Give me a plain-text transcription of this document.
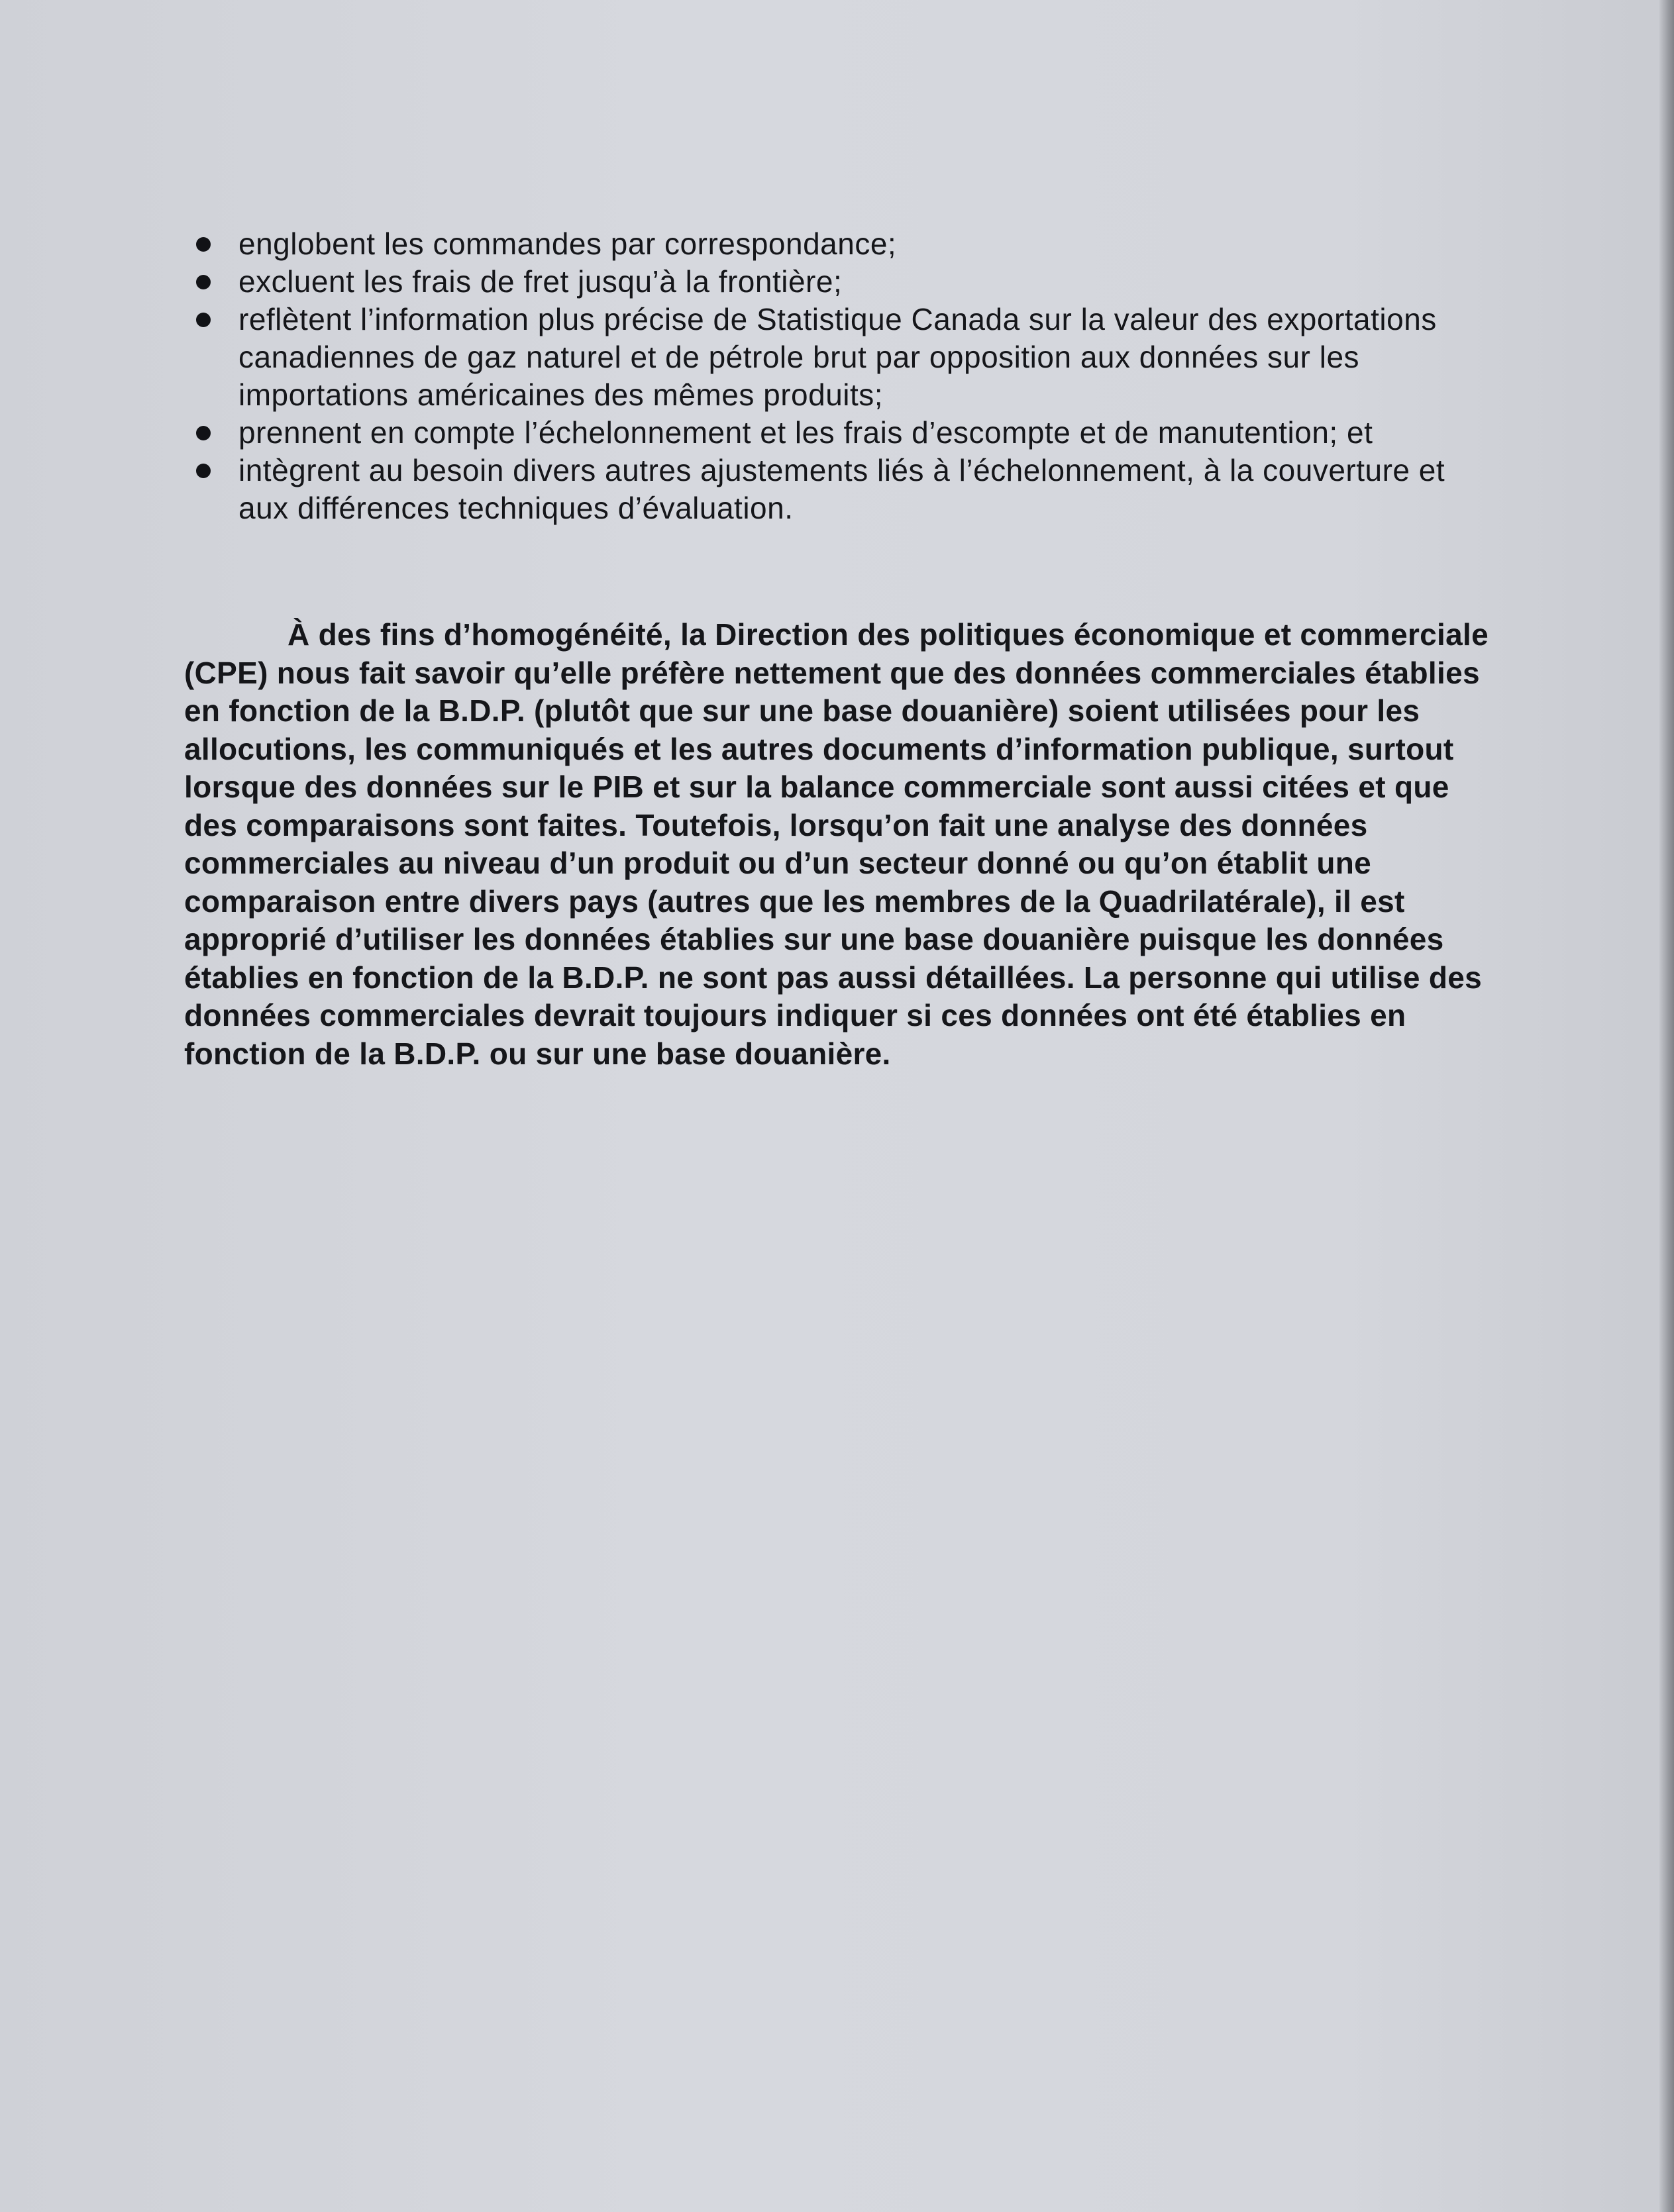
englobent les commandes par correspondance;
excluent les frais de fret jusqu’à la frontière;
reflètent l’information plus précise de Statistique Canada sur la valeur des exportations canadiennes de gaz naturel et de pétrole brut par opposition aux données sur les importations américaines des mêmes produits;
prennent en compte l’échelonnement et les frais d’escompte et de manutention; et
intègrent au besoin divers autres ajustements liés à l’échelonnement, à la couverture et aux différences techniques d’évaluation.

À des fins d’homogénéité, la Direction des politiques économique et commerciale (CPE) nous fait savoir qu’elle préfère nettement que des données commerciales établies en fonction de la B.D.P. (plutôt que sur une base douanière) soient utilisées pour les allocutions, les communiqués et les autres documents d’information publique, surtout lorsque des données sur le PIB et sur la balance commerciale sont aussi citées et que des comparaisons sont faites. Toutefois, lorsqu’on fait une analyse des données commerciales au niveau d’un produit ou d’un secteur donné ou qu’on établit une comparaison entre divers pays (autres que les membres de la Quadrilatérale), il est approprié d’utiliser les données établies sur une base douanière puisque les données établies en fonction de la B.D.P. ne sont pas aussi détaillées. La personne qui utilise des données commerciales devrait toujours indiquer si ces données ont été établies en fonction de la B.D.P. ou sur une base douanière.
